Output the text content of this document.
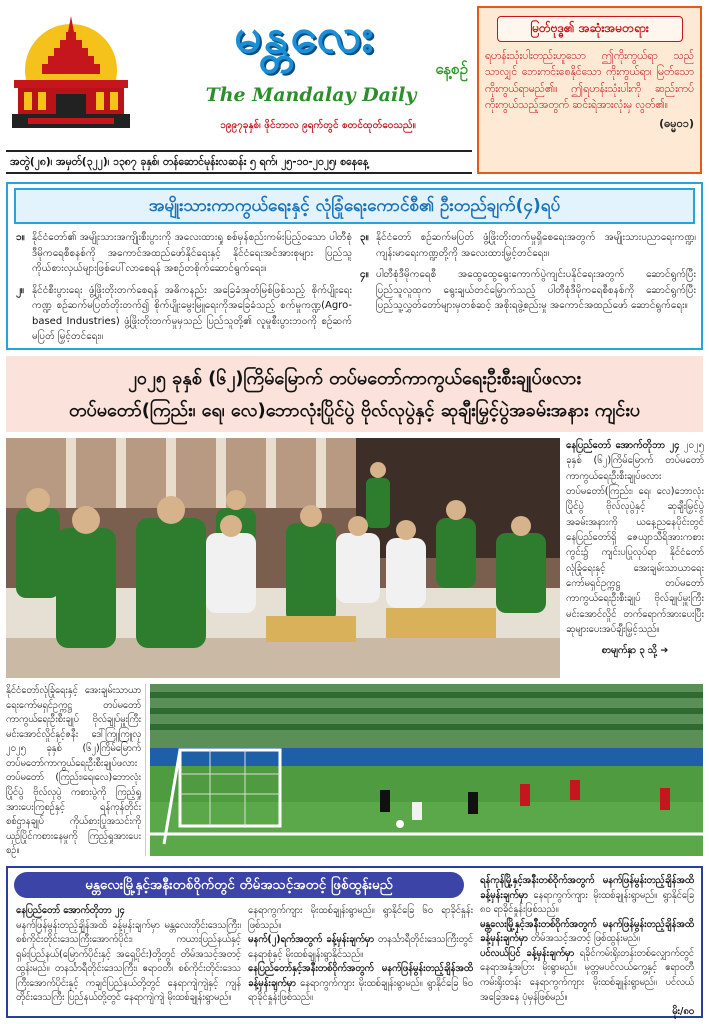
မန္တလေး
နေ့စဉ်
The Mandalay Daily
၁၉၉၇ခုနှစ်၊ ဖိုင်ဘာလ ၉ရက်တွင် စတင်ထုတ်ဝေသည်။
မြတ်ဗုဒ္ဓ၏ အဆုံးအမတရား
ရဟန်းသုံးပါးတည်းဟူသော ဤကိုးကွယ်ရာ သည်သာလျှင် ဘေးကင်းစေနိုင်သော ကိုးကွယ်ရာ၊ မြတ်သော ကိုးကွယ်ရာမည်၏။ ဤရဟန်းသုံးပါးကို ဆည်းကပ်ကိုးကွယ်သည့်အတွက် ဆင်းရဲအားလုံးမှ လွတ်၏။
(ဓမ္မ၀၁)
အတွဲ(၂၈)၊ အမှတ်(၃၂၂)၊ ၁၃၈၇ ခုနှစ်၊ တန်ဆောင်မုန်းလဆန်း ၅ ရက်၊ ၂၅-၁၀-၂၀၂၅၊ စနေနေ့
အမျိုးသားကာကွယ်ရေးနှင့် လုံခြုံရေးကောင်စီ၏ ဦးတည်ချက်(၄)ရပ်
၁။ နိုင်ငံတော်၏ အမျိုးသားအကျိုးစီးပွားကို အလေးထားရှု စစ်မှန်စည်းကမ်းပြည့်ဝသော ပါတီစုံဒီမိုကရေစီစနစ်ကို အကောင်အထည်ဖော်နိုင်ရေးနှင့် နိုင်ငံရေးအင်အားစုများ ပြည်သူကိုယ်စားလှယ်များဖြစ်ပေါ်လာစေရန် အစဉ်တစိုက်ဆောင်ရွက်ရေး။
၂။ နိုင်ငံစီးပွားရေး ဖွံ့ဖြိုးတိုးတက်စေရန် အဓိကနည်း အခြေခံအုတ်မြစ်ဖြစ်သည့် စိုက်ပျိုးရေးကဏ္ဍ စဉ်ဆက်မပြတ်တိုးတက်၍ စိုက်ပျိုးမွေးမြူရေးကိုအခြေခံသည့် စက်မှုကဏ္ဍ(Agro-based Industries) ဖွံ့ဖြိုးတိုးတက်မှုမှသည် ပြည်သူတို့၏ လူမှုစီးပွားဘဝကို စဉ်ဆက်မပြတ် မြှင့်တင်ရေး။
၃။ နိုင်ငံတော် စဉ်ဆက်မပြတ် ဖွံ့ဖြိုးတိုးတက်မှုရှိစေရေးအတွက် အမျိုးသားပညာရေးကဏ္ဍ၊ ကျန်းမာရေးကဏ္ဍတို့ကို အလေးထားမြှင့်တင်ရေး။
၄။ ပါတီစုံဒီမိုကရေစီ အထွေထွေရွေးကောက်ပွဲကျင်းပနိုင်ရေးအတွက် ဆောင်ရွက်ပြီး ပြည်သူလူထုက ရွေးချယ်တင်မြှောက်သည့် ပါတီစုံဒီမိုကရေစီစနစ်ကို ဆောင်ရွက်ပြီး ပြည်သူ့လွှတ်တော်များမှတစ်ဆင့် အစိုးရဖွဲ့စည်းမှု အကောင်အထည်ဖော် ဆောင်ရွက်ရေး။
၂၀၂၅ ခုနှစ် (၆၂)ကြိမ်မြောက် တပ်မတော်ကာကွယ်ရေးဦးစီးချုပ်ဖလား
တပ်မတော်(ကြည်း၊ ရေ၊ လေ)ဘောလုံးပြိုင်ပွဲ ဗိုလ်လုပွဲနှင့် ဆုချီးမြှင့်ပွဲအခမ်းအနား ကျင်းပ
နေပြည်တော် အောက်တိုဘာ ၂၄ ၂၀၂၅ ခုနှစ် (၆၂)ကြိမ်မြောက် တပ်မတော်ကာကွယ်ရေးဦးစီးချုပ်ဖလား တပ်မတော်(ကြည်း၊ ရေ၊ လေ)ဘောလုံးပြိုင်ပွဲ ဗိုလ်လုပွဲနှင့် ဆုချီးမြှင့်ပွဲအခမ်းအနားကို ယနေ့ညနေပိုင်းတွင် နေပြည်တော်ရှိ ဇေယျာသီရိအားကစားကွင်း၌ ကျင်းပပြုလုပ်ရာ နိုင်ငံတော်လုံခြုံရေးနှင့် အေးချမ်းသာယာရေးကော်မရှင်ဥက္ကဋ္ဌ တပ်မတော်ကာကွယ်ရေးဦးစီးချုပ် ဗိုလ်ချုပ်မှူးကြီး မင်းအောင်လှိုင် တက်ရောက်အားပေးပြီး ဆုများပေးအပ်ချီးမြှင့်သည်။
စာမျက်နှာ ၃ သို့ ➔
နိုင်ငံတော်လုံခြုံရေးနှင့် အေးချမ်းသာယာရေးကော်မရှင်ဥက္ကဋ္ဌ တပ်မတော်ကာကွယ်ရေးဦးစီးချုပ် ဗိုလ်ချုပ်မှူးကြီး မင်းအောင်လှိုင်နှင့်ဇနီး ဒေါ်ကြူကြူလှ ၂၀၂၅ ခုနှစ် (၆၂)ကြိမ်မြောက် တပ်မတော်ကာကွယ်ရေးဦးစီးချုပ်ဖလား တပ်မတော် (ကြည်း၊ရေ၊လေ)ဘောလုံးပြိုင်ပွဲ ဗိုလ်လုပွဲ ကစားပွဲကို ကြည့်ရှုအားပေးကြစဉ်နှင့် ရန်ကုန်တိုင်းစစ်ဌာနချုပ် ကိုယ်စားပြုအသင်းကို ယှဉ်ပြိုင်ကစားနေမှုကို ကြည့်ရှုအားပေးစဉ်။
မန္တလေးမြို့နှင့်အနီးတစ်ဝိုက်တွင် တိမ်အသင့်အတင့် ဖြစ်ထွန်းမည်
နေပြည်တော် အောက်တိုဘာ ၂၄
မနက်ဖြန်မွန်းတည့်ချိန်အထိ ခန့်မှန်းချက်မှာ မန္တလေးတိုင်းဒေသကြီး၊ စစ်ကိုင်းတိုင်းဒေသကြီးအောက်ပိုင်း၊ ကယားပြည်နယ်နှင့် ရှမ်းပြည်နယ်(မြောက်ပိုင်းနှင့် အရှေ့ပိုင်း)တို့တွင် တိမ်အသင့်အတင့်ထွန်းမည်။ တနင်္သာရီတိုင်းဒေသကြီး၊ ဧရာဝတီ၊ စစ်ကိုင်းတိုင်းဒေသကြီးအောက်ပိုင်းနှင့် ကချင်ပြည်နယ်တို့တွင် နေရာကျဲကျဲနှင့် ကျန်တိုင်းဒေသကြီး ပြည်နယ်တို့တွင် နေရာကျဲကျဲ မိုးထစ်ချုန်းရွာမည်။
နေရာကွက်ကျား မိုးထစ်ချုန်းရွာမည်။ ရွာနိုင်ခြေ ၆၀ ရာခိုင်နှုန်းဖြစ်သည်။
မနက်(၂)ရက်အတွက် ခန့်မှန်းချက်မှာ တနင်္သာရီတိုင်းဒေသကြီးတွင် နေရာစုံနှင့် မိုးထစ်ချုန်းရွာနိုင်သည်။
နေပြည်တော်နှင့်အနီးတစ်ဝိုက်အတွက် မနက်ဖြန်မွန်းတည့်ချိန်အထိ ခန့်မှန်းချက်မှာ နေရာကွက်ကျား မိုးထစ်ချုန်းရွာမည်။ ရွာနိုင်ခြေ ၆၀ ရာခိုင်နှုန်းဖြစ်သည်။
ရန်ကုန်မြို့နှင့်အနီးတစ်ဝိုက်အတွက် မနက်ဖြန်မွန်းတည့်ချိန်အထိ ခန့်မှန်းချက်မှာ နေရာကွက်ကျား မိုးထစ်ချုန်းရွာမည်။ ရွာနိုင်ခြေ ၈၀ ရာခိုင်နှုန်းဖြစ်သည်။
မန္တလေးမြို့နှင့်အနီးတစ်ဝိုက်အတွက် မနက်ဖြန်မွန်းတည့်ချိန်အထိ ခန့်မှန်းချက်မှာ တိမ်အသင့်အတင့် ဖြစ်ထွန်းမည်။
ပင်လယ်ပြင် ခန့်မှန်းချက်မှာ ရခိုင်ကမ်းရိုးတန်းတစ်လျှောက်တွင် နေရာအနှံ့အပြား မိုးရွာမည်။ မုတ္တမပင်လယ်ကွေ့နှင့် ဧရာဝတီကမ်းရိုးတန်း နေရာကွက်ကျား မိုးထစ်ချုန်းရွာမည်။ ပင်လယ်အခြေအနေ ပုံမှန်ဖြစ်မည်။
မိုး/၈၀
